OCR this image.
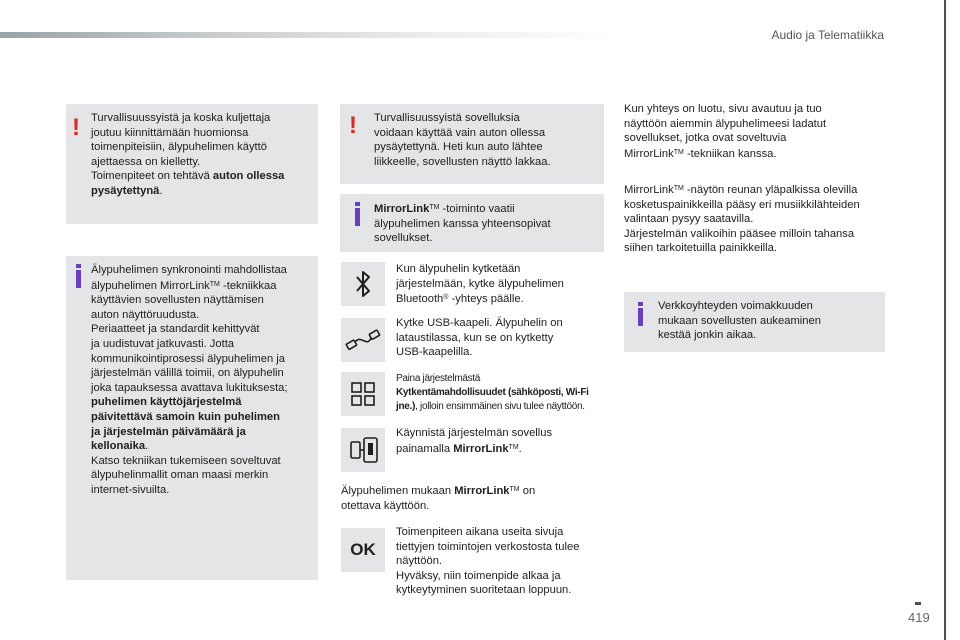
Audio ja Telematiikka
! Turvallisuussyistä ja koska kuljettaja
joutuu kiinnittämään huomionsa
toimenpiteisiin, älypuhelimen käyttö
ajettaessa on kielletty.
Toimenpiteet on tehtävä auton ollessa
pysäytettynä.
Älypuhelimen synkronointi mahdollistaa
älypuhelimen MirrorLink™ -tekniikkaa
käyttävien sovellusten näyttämisen
auton näyttöruudusta.
Periaatteet ja standardit kehittyvät
ja uudistuvat jatkuvasti. Jotta
kommunikointiprosessi älypuhelimen ja
järjestelmän välillä toimii, on älypuhelin
joka tapauksessa avattava lukituksesta;
puhelimen käyttöjärjestelmä
päivitettävä samoin kuin puhelimen
ja järjestelmän päivämäärä ja
kellonaika.
Katso tekniikan tukemiseen soveltuvat
älypuhelinmallit oman maasi merkin
internet-sivuilta.
! Turvallisuussyistä sovelluksia
voidaan käyttää vain auton ollessa
pysäytettynä. Heti kun auto lähtee
liikkeelle, sovellusten näyttö lakkaa.
MirrorLink™ -toiminto vaatii
älypuhelimen kanssa yhteensopivat
sovellukset.
Kun älypuhelin kytketään
järjestelmään, kytke älypuhelimen
Bluetooth® -yhteys päälle.
Kytke USB-kaapeli. Älypuhelin on
lataustilassa, kun se on kytketty
USB-kaapelilla.
Paina järjestelmästä
Kytkentämahdollisuudet (sähköposti, Wi-Fi
jne.), jolloin ensimmäinen sivu tulee näyttöön.
Käynnistä järjestelmän sovellus
painamalla MirrorLink™.
Älypuhelimen mukaan MirrorLink™ on
otettava käyttöön.
OK
Toimenpiteen aikana useita sivuja
tiettyjen toimintojen verkostosta tulee
näyttöön.
Hyväksy, niin toimenpide alkaa ja
kytkeytyminen suoritetaan loppuun.
Kun yhteys on luotu, sivu avautuu ja tuo
näyttöön aiemmin älypuhelimeesi ladatut
sovellukset, jotka ovat soveltuvia
MirrorLink™ -tekniikan kanssa.
MirrorLink™ -näytön reunan yläpalkissa olevilla
kosketuspainikkeilla pääsy eri musiikkilähteiden
valintaan pysyy saatavilla.
Järjestelmän valikoihin pääsee milloin tahansa
siihen tarkoitetuilla painikkeilla.
Verkkoyhteyden voimakkuuden
mukaan sovellusten aukeaminen
kestää jonkin aikaa.
419
